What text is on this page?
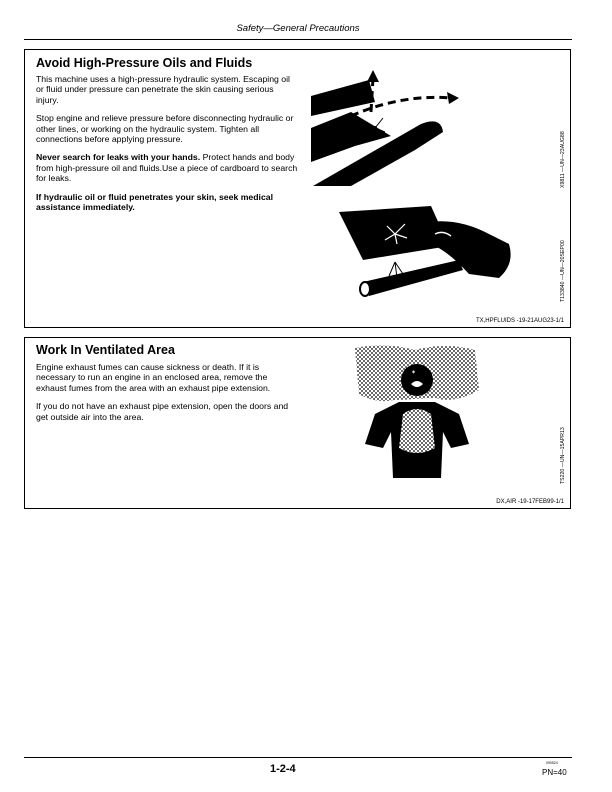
Safety—General Precautions
Avoid High-Pressure Oils and Fluids

This machine uses a high-pressure hydraulic system. Escaping oil or fluid under pressure can penetrate the skin causing serious injury.

Stop engine and relieve pressure before disconnecting hydraulic or other lines, or working on the hydraulic system. Tighten all connections before applying pressure.

Never search for leaks with your hands. Protect hands and body from high-pressure oil and fluids.Use a piece of cardboard to search for leaks.

If hydraulic oil or fluid penetrates your skin, seek medical assistance immediately.

X9811 —UN—23AUG88
T133840 —UN—20SEP00
TX,HPFLUIDS -19-21AUG23-1/1
Work In Ventilated Area

Engine exhaust fumes can cause sickness or death. If it is necessary to run an engine in an enclosed area, remove the exhaust fumes from the area with an exhaust pipe extension.

If you do not have an exhaust pipe extension, open the doors and get outside air into the area.

✶
TS220 —UN—15APR13
DX,AIR -19-17FEB99-1/1
1-2-4	090524
PN=40
